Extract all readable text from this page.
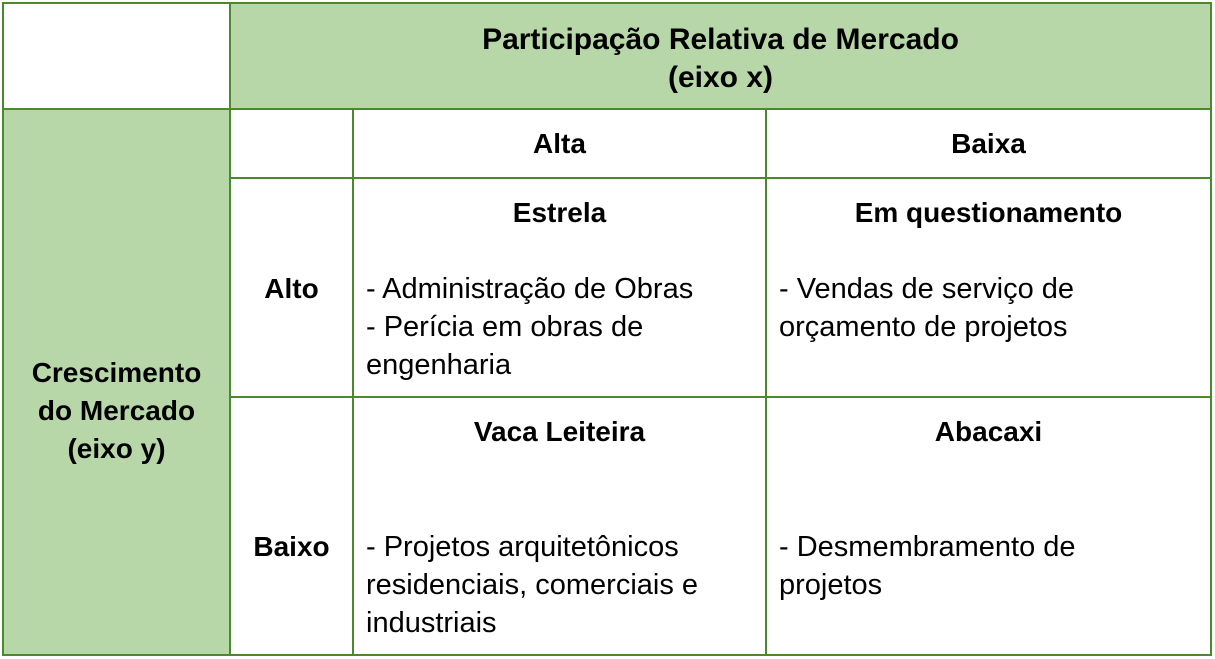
Participação Relativa de Mercado
(eixo x)
Crescimento
do Mercado
(eixo y)
Alta	Baixa
Alto
Estrela
- Administração de Obras
- Perícia em obras de
engenharia
Em questionamento
- Vendas de serviço de
orçamento de projetos
Baixo
Vaca Leiteira
- Projetos arquitetônicos
residenciais, comerciais e
industriais
Abacaxi
- Desmembramento de
projetos
